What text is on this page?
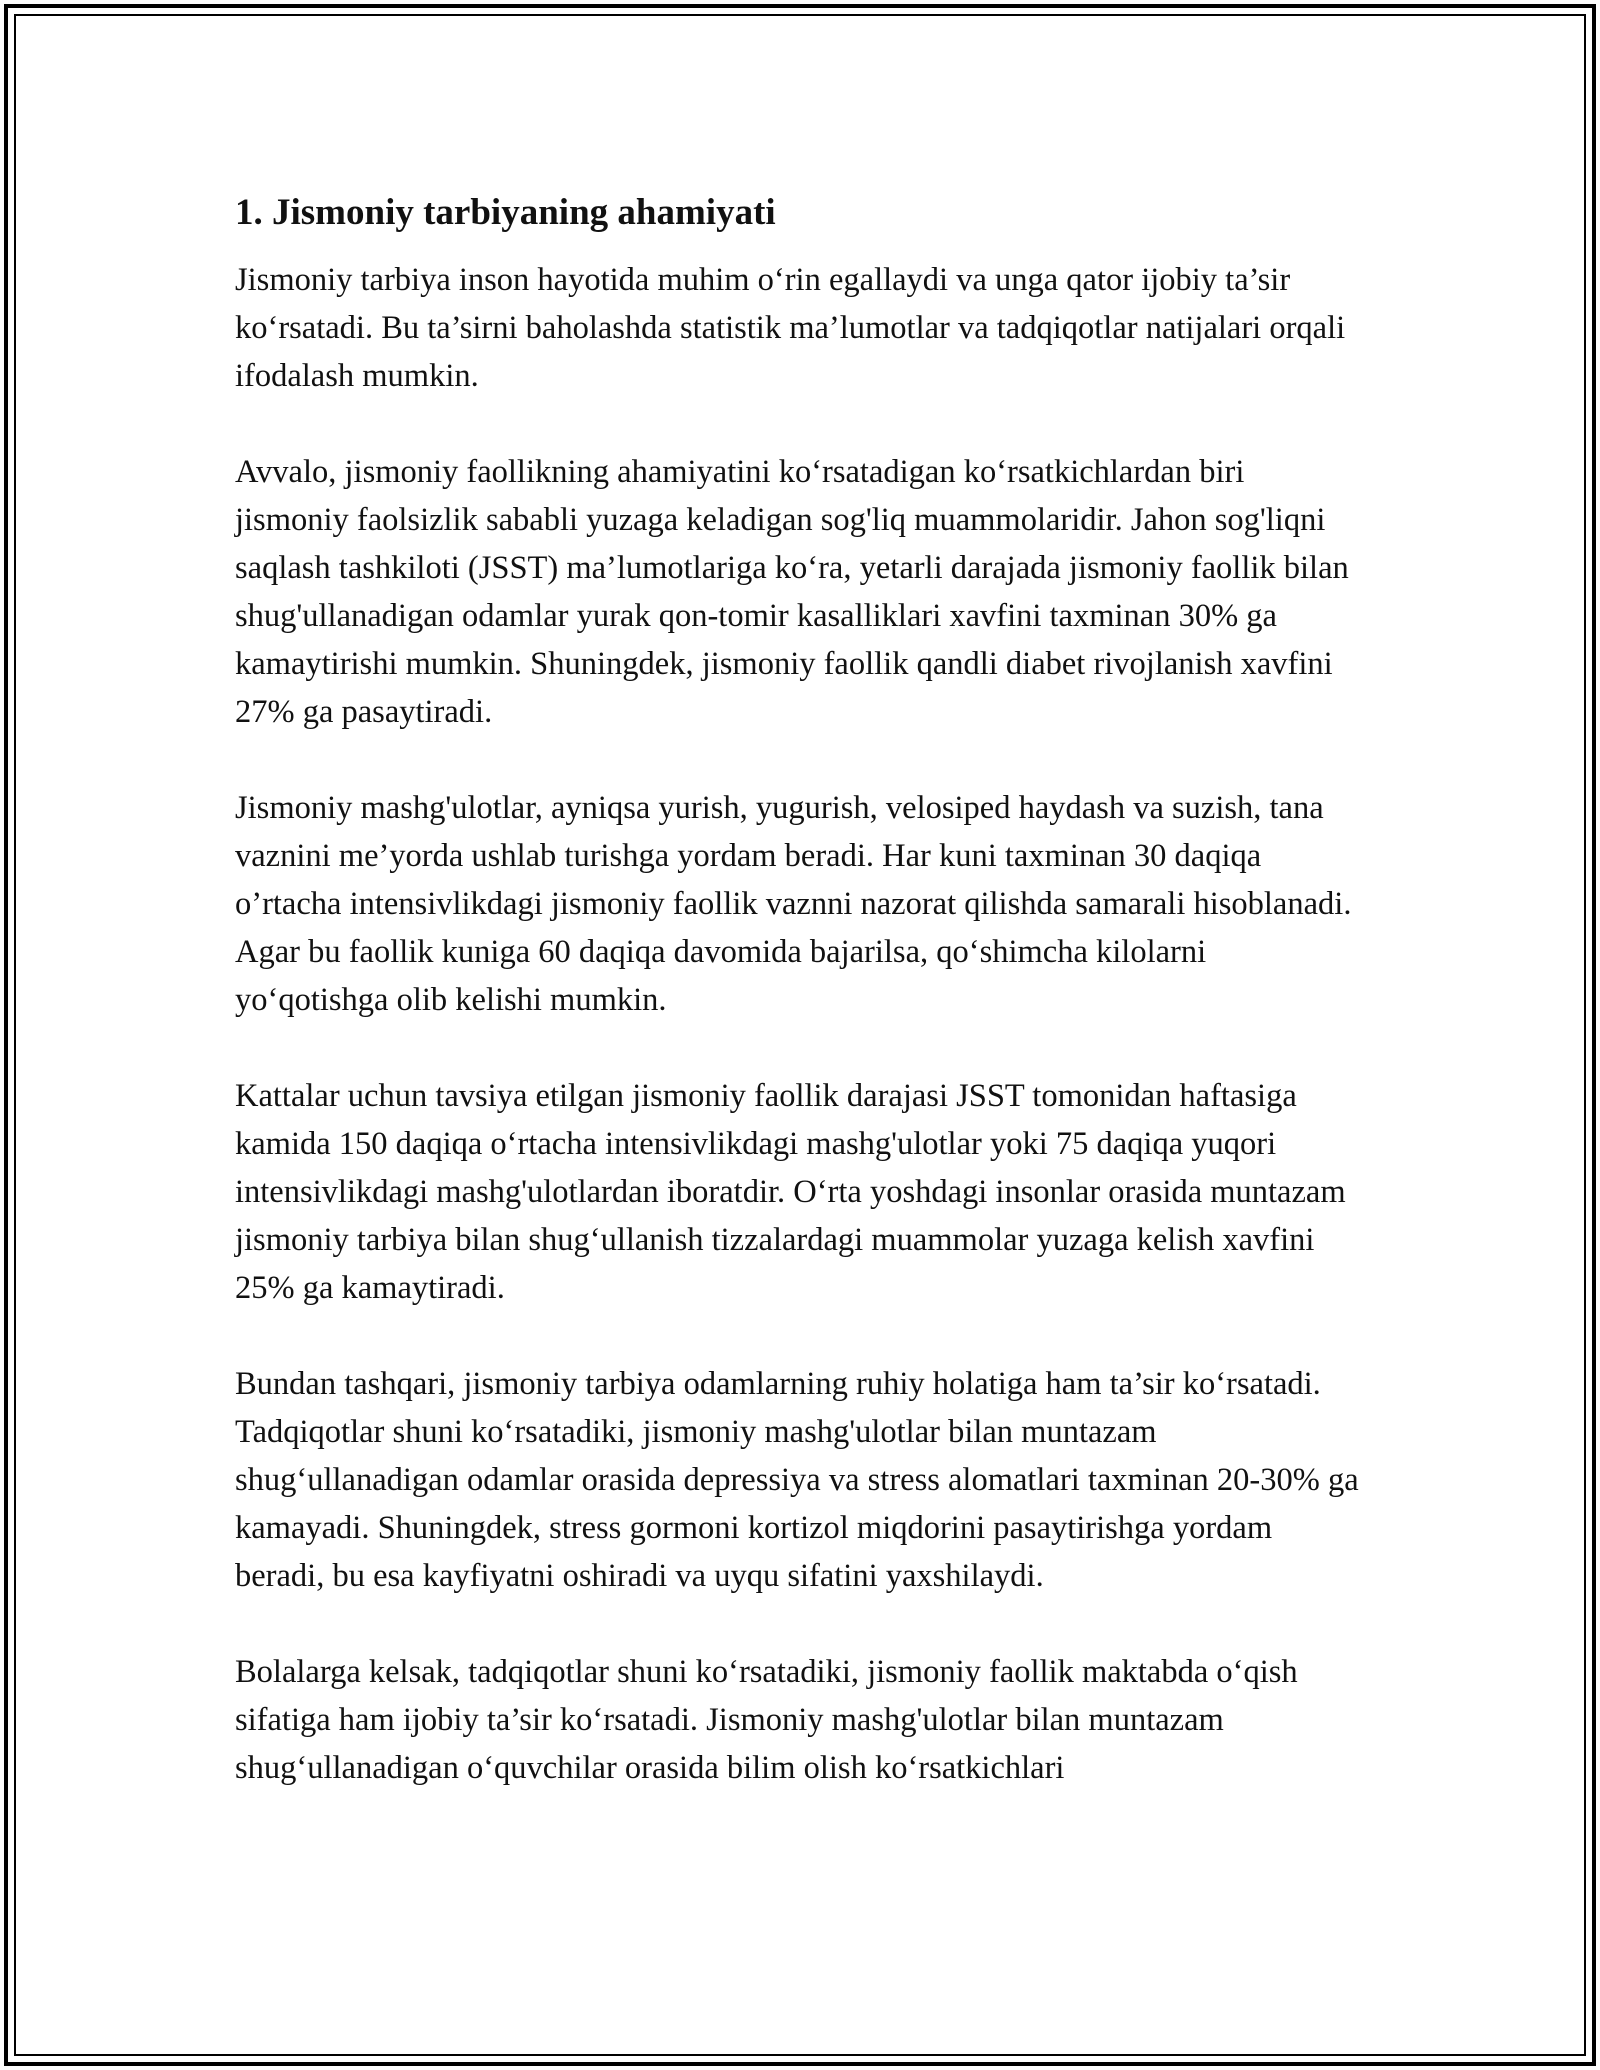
1. Jismoniy tarbiyaning ahamiyati

Jismoniy tarbiya inson hayotida muhim o‘rin egallaydi va unga qator ijobiy ta’sir ko‘rsatadi. Bu ta’sirni baholashda statistik ma’lumotlar va tadqiqotlar natijalari orqali ifodalash mumkin.

Avvalo, jismoniy faollikning ahamiyatini ko‘rsatadigan ko‘rsatkichlardan biri jismoniy faolsizlik sababli yuzaga keladigan sog'liq muammolaridir. Jahon sog'liqni saqlash tashkiloti (JSST) ma’lumotlariga ko‘ra, yetarli darajada jismoniy faollik bilan shug'ullanadigan odamlar yurak qon-tomir kasalliklari xavfini taxminan 30% ga kamaytirishi mumkin. Shuningdek, jismoniy faollik qandli diabet rivojlanish xavfini 27% ga pasaytiradi.

Jismoniy mashg'ulotlar, ayniqsa yurish, yugurish, velosiped haydash va suzish, tana vaznini me’yorda ushlab turishga yordam beradi. Har kuni taxminan 30 daqiqa o’rtacha intensivlikdagi jismoniy faollik vaznni nazorat qilishda samarali hisoblanadi. Agar bu faollik kuniga 60 daqiqa davomida bajarilsa, qo‘shimcha kilolarni yo‘qotishga olib kelishi mumkin.

Kattalar uchun tavsiya etilgan jismoniy faollik darajasi JSST tomonidan haftasiga kamida 150 daqiqa o‘rtacha intensivlikdagi mashg'ulotlar yoki 75 daqiqa yuqori intensivlikdagi mashg'ulotlardan iboratdir. O‘rta yoshdagi insonlar orasida muntazam jismoniy tarbiya bilan shug‘ullanish tizzalardagi muammolar yuzaga kelish xavfini 25% ga kamaytiradi.

Bundan tashqari, jismoniy tarbiya odamlarning ruhiy holatiga ham ta’sir ko‘rsatadi. Tadqiqotlar shuni ko‘rsatadiki, jismoniy mashg'ulotlar bilan muntazam shug‘ullanadigan odamlar orasida depressiya va stress alomatlari taxminan 20-30% ga kamayadi. Shuningdek, stress gormoni kortizol miqdorini pasaytirishga yordam beradi, bu esa kayfiyatni oshiradi va uyqu sifatini yaxshilaydi.

Bolalarga kelsak, tadqiqotlar shuni ko‘rsatadiki, jismoniy faollik maktabda o‘qish sifatiga ham ijobiy ta’sir ko‘rsatadi. Jismoniy mashg'ulotlar bilan muntazam shug‘ullanadigan o‘quvchilar orasida bilim olish ko‘rsatkichlari
